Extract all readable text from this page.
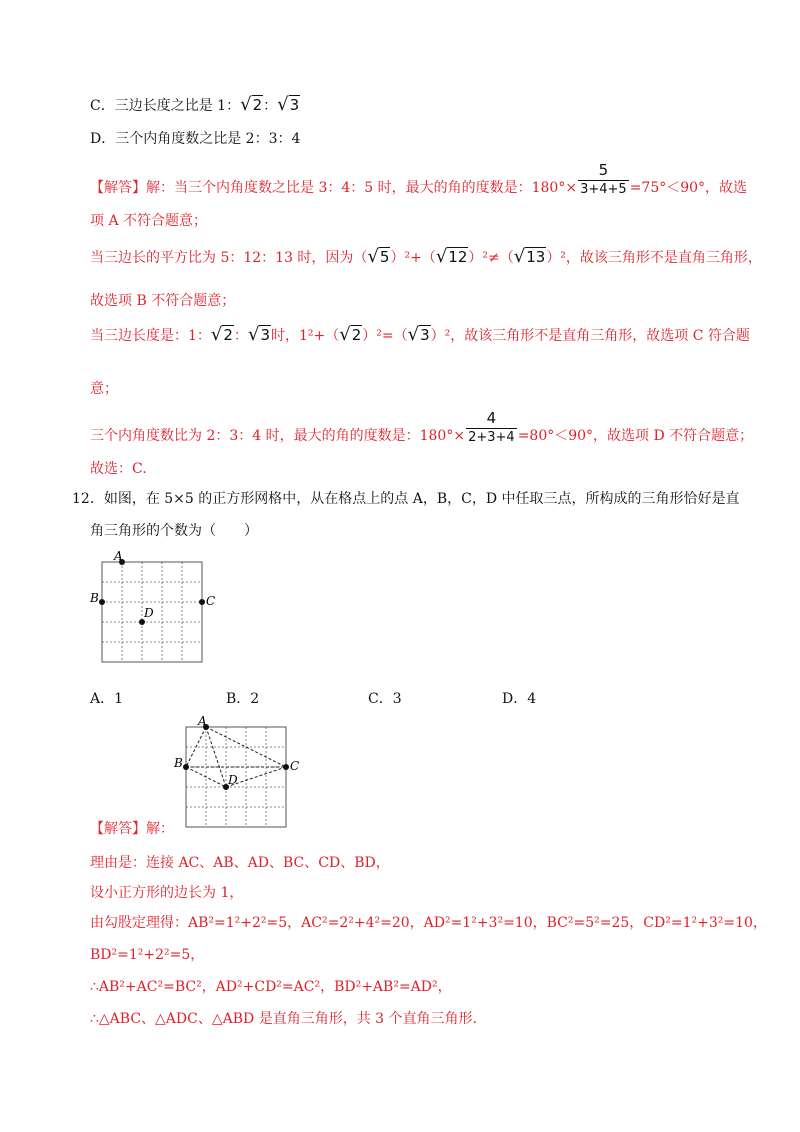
C．三边长度之比是 1：√2：√3
D．三个内角度数之比是 2：3：4
【解答】解：当三个内角度数之比是 3：4：5 时，最大的角的度数是：$180^\circ\times \frac{5}{3+4+5} =75^\circ<90^\circ$，故选
项 A 不符合题意；
当三边长的平方比为 5：12：13 时，因为（√5）²+（√12）²≠（√13）²，故该三角形不是直角三角形，
故选项 B 不符合题意；
当三边长度是：1：√2：√3时，1²+（√2）²=（√3）²，故该三角形不是直角三角形，故选项 C 符合题
意；
三个内角度数比为 2：3：4 时，最大的角的度数是：$180^\circ\times \frac{4}{2+3+4} =80^\circ<90^\circ$，故选项 D 不符合题意；
故选：C.
12．如图，在 5×5 的正方形网格中，从在格点上的点 A，B，C，D 中任取三点，所构成的三角形恰好是直
角三角形的个数为（　　）
A
B	C
D
A．1	B．2	C．3	D．4
A
B	C
D
【解答】解：
理由是：连接 AC、AB、AD、BC、CD、BD，
设小正方形的边长为 1，
由勾股定理得：AB²=1²+2²=5，AC²=2²+4²=20，AD²=1²+3²=10，BC²=5²=25，CD²=1²+3²=10，
BD²=1²+2²=5，
∴AB²+AC²=BC²，AD²+CD²=AC²，BD²+AB²=AD²，
∴△ABC、△ADC、△ABD 是直角三角形，共 3 个直角三角形.
